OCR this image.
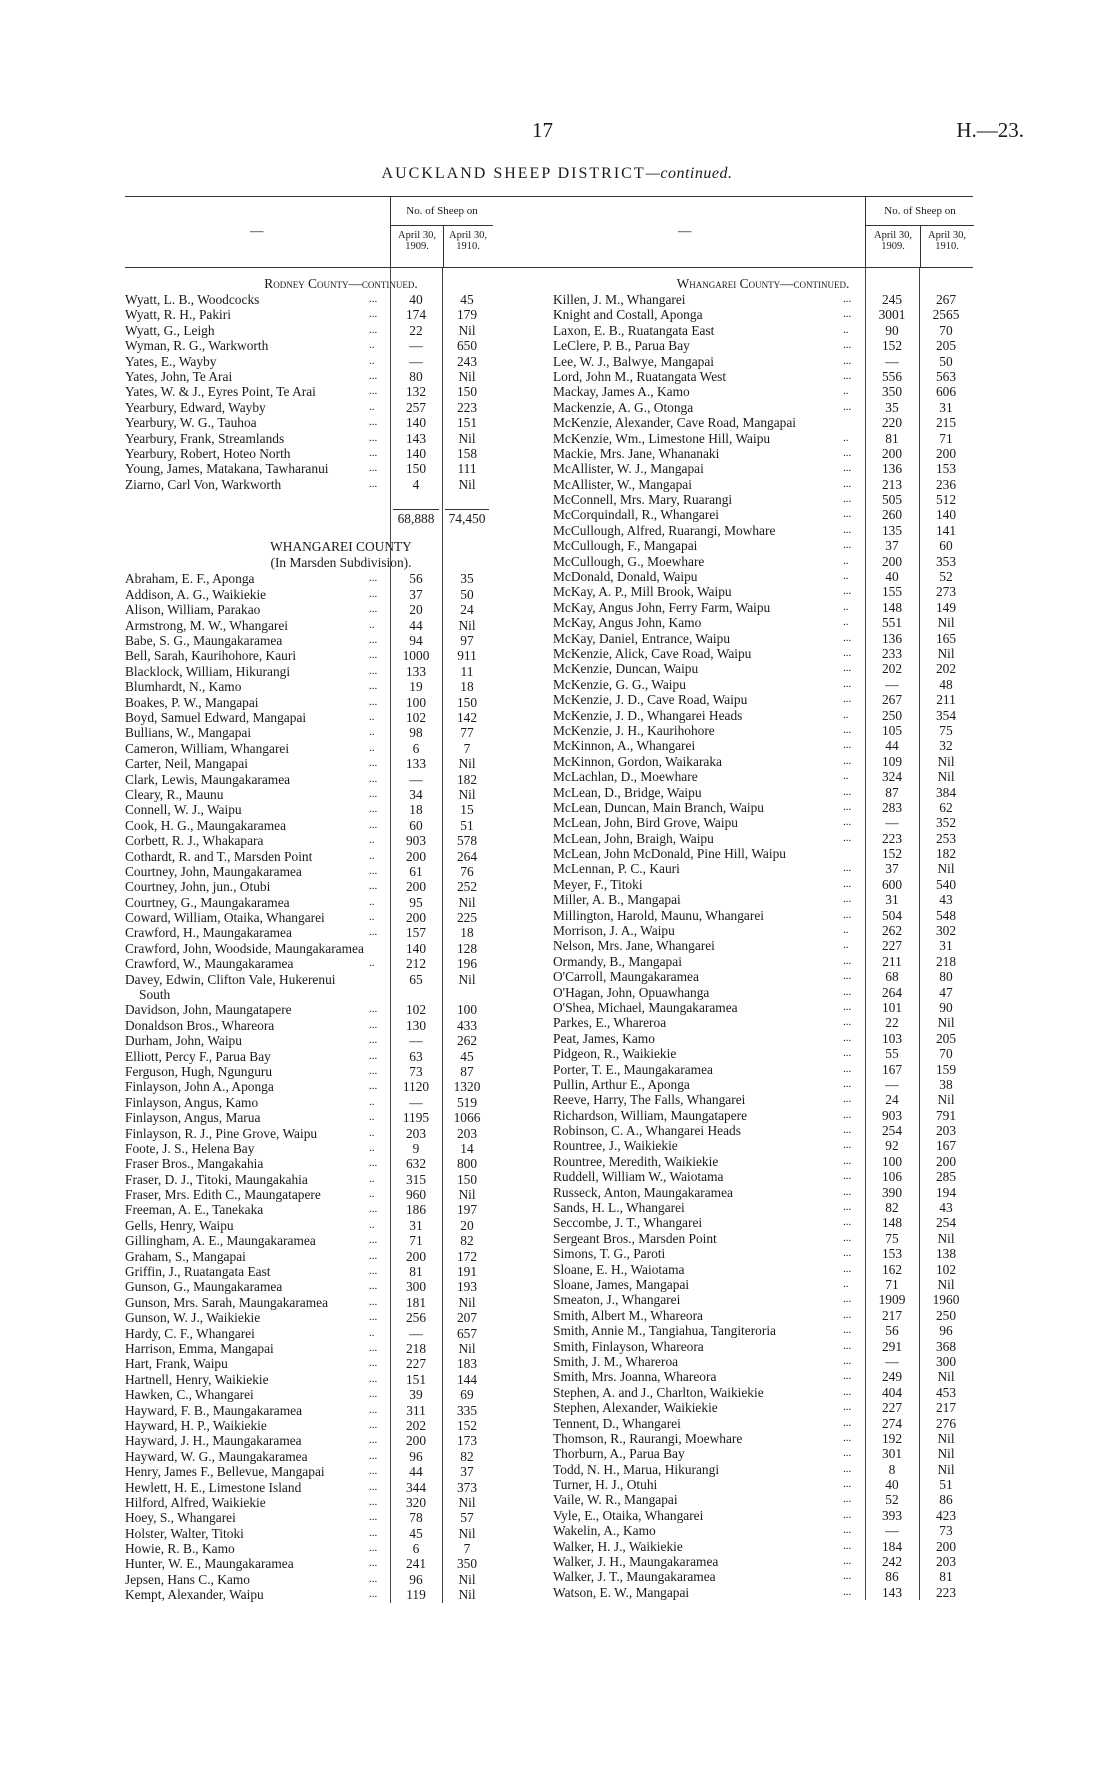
17	H.—23.
AUCKLAND SHEEP DISTRICT—continued.
—
No. of Sheep on
April 30,
1909.
April 30,
1910.
Rodney County—continued.
Wyatt, L. B., Woodcocks	...	40	45
Wyatt, R. H., Pakiri	...	174	179
Wyatt, G., Leigh	...	22	Nil
Wyman, R. G., Warkworth	..	—	650
Yates, E., Wayby	..	—	243
Yates, John, Te Arai	...	80	Nil
Yates, W. & J., Eyres Point, Te Arai	...	132	150
Yearbury, Edward, Wayby	..	257	223
Yearbury, W. G., Tauhoa	...	140	151
Yearbury, Frank, Streamlands	...	143	Nil
Yearbury, Robert, Hoteo North	...	140	158
Young, James, Matakana, Tawharanui	...	150	111
Ziarno, Carl Von, Warkworth	...	4	Nil
68,888	74,450
WHANGAREI COUNTY
(In Marsden Subdivision).
Abraham, E. F., Aponga	...	56	35
Addison, A. G., Waikiekie	...	37	50
Alison, William, Parakao	...	20	24
Armstrong, M. W., Whangarei	..	44	Nil
Babe, S. G., Maungakaramea	...	94	97
Bell, Sarah, Kaurihohore, Kauri	...	1000	911
Blacklock, William, Hikurangi	...	133	11
Blumhardt, N., Kamo	...	19	18
Boakes, P. W., Mangapai	...	100	150
Boyd, Samuel Edward, Mangapai	..	102	142
Bullians, W., Mangapai	..	98	77
Cameron, William, Whangarei	..	6	7
Carter, Neil, Mangapai	...	133	Nil
Clark, Lewis, Maungakaramea	...	—	182
Cleary, R., Maunu	...	34	Nil
Connell, W. J., Waipu	...	18	15
Cook, H. G., Maungakaramea	...	60	51
Corbett, R. J., Whakapara	..	903	578
Cothardt, R. and T., Marsden Point	..	200	264
Courtney, John, Maungakaramea	...	61	76
Courtney, John, jun., Otubi	...	200	252
Courtney, G., Maungakaramea	..	95	Nil
Coward, William, Otaika, Whangarei	..	200	225
Crawford, H., Maungakaramea	...	157	18
Crawford, John, Woodside, Maungakaramea	140	128
Crawford, W., Maungakaramea	..	212	196
Davey, Edwin, Clifton Vale, Hukerenui	65	Nil
South
Davidson, John, Maungatapere	...	102	100
Donaldson Bros., Whareora	...	130	433
Durham, John, Waipu	...	—	262
Elliott, Percy F., Parua Bay	...	63	45
Ferguson, Hugh, Ngunguru	...	73	87
Finlayson, John A., Aponga	...	1120	1320
Finlayson, Angus, Kamo	..	—	519
Finlayson, Angus, Marua	..	1195	1066
Finlayson, R. J., Pine Grove, Waipu	..	203	203
Foote, J. S., Helena Bay	..	9	14
Fraser Bros., Mangakahia	...	632	800
Fraser, D. J., Titoki, Maungakahia	..	315	150
Fraser, Mrs. Edith C., Maungatapere	..	960	Nil
Freeman, A. E., Tanekaka	...	186	197
Gells, Henry, Waipu	..	31	20
Gillingham, A. E., Maungakaramea	...	71	82
Graham, S., Mangapai	...	200	172
Griffin, J., Ruatangata East	...	81	191
Gunson, G., Maungakaramea	...	300	193
Gunson, Mrs. Sarah, Maungakaramea	...	181	Nil
Gunson, W. J., Waikiekie	...	256	207
Hardy, C. F., Whangarei	..	—	657
Harrison, Emma, Mangapai	...	218	Nil
Hart, Frank, Waipu	...	227	183
Hartnell, Henry, Waikiekie	...	151	144
Hawken, C., Whangarei	...	39	69
Hayward, F. B., Maungakaramea	...	311	335
Hayward, H. P., Waikiekie	...	202	152
Hayward, J. H., Maungakaramea	...	200	173
Hayward, W. G., Maungakaramea	...	96	82
Henry, James F., Bellevue, Mangapai	...	44	37
Hewlett, H. E., Limestone Island	...	344	373
Hilford, Alfred, Waikiekie	...	320	Nil
Hoey, S., Whangarei	...	78	57
Holster, Walter, Titoki	...	45	Nil
Howie, R. B., Kamo	...	6	7
Hunter, W. E., Maungakaramea	...	241	350
Jepsen, Hans C., Kamo	...	96	Nil
Kempt, Alexander, Waipu	...	119	Nil
—
No. of Sheep on
April 30,
1909.
April 30,
1910.
Whangarei County—continued.
Killen, J. M., Whangarei	...	245	267
Knight and Costall, Aponga	...	3001	2565
Laxon, E. B., Ruatangata East	..	90	70
LeClere, P. B., Parua Bay	...	152	205
Lee, W. J., Balwye, Mangapai	...	—	50
Lord, John M., Ruatangata West	...	556	563
Mackay, James A., Kamo	..	350	606
Mackenzie, A. G., Otonga	...	35	31
McKenzie, Alexander, Cave Road, Mangapai	220	215
McKenzie, Wm., Limestone Hill, Waipu	..	81	71
Mackie, Mrs. Jane, Whananaki	...	200	200
McAllister, W. J., Mangapai	...	136	153
McAllister, W., Mangapai	...	213	236
McConnell, Mrs. Mary, Ruarangi	...	505	512
McCorquindall, R., Whangarei	...	260	140
McCullough, Alfred, Ruarangi, Mowhare	...	135	141
McCullough, F., Mangapai	...	37	60
McCullough, G., Moewhare	..	200	353
McDonald, Donald, Waipu	..	40	52
McKay, A. P., Mill Brook, Waipu	...	155	273
McKay, Angus John, Ferry Farm, Waipu	..	148	149
McKay, Angus John, Kamo	..	551	Nil
McKay, Daniel, Entrance, Waipu	...	136	165
McKenzie, Alick, Cave Road, Waipu	...	233	Nil
McKenzie, Duncan, Waipu	...	202	202
McKenzie, G. G., Waipu	...	—	48
McKenzie, J. D., Cave Road, Waipu	...	267	211
McKenzie, J. D., Whangarei Heads	..	250	354
McKenzie, J. H., Kaurihohore	...	105	75
McKinnon, A., Whangarei	...	44	32
McKinnon, Gordon, Waikaraka	...	109	Nil
McLachlan, D., Moewhare	..	324	Nil
McLean, D., Bridge, Waipu	...	87	384
McLean, Duncan, Main Branch, Waipu	...	283	62
McLean, John, Bird Grove, Waipu	...	—	352
McLean, John, Braigh, Waipu	...	223	253
McLean, John McDonald, Pine Hill, Waipu	152	182
McLennan, P. C., Kauri	...	37	Nil
Meyer, F., Titoki	...	600	540
Miller, A. B., Mangapai	...	31	43
Millington, Harold, Maunu, Whangarei	...	504	548
Morrison, J. A., Waipu	..	262	302
Nelson, Mrs. Jane, Whangarei	..	227	31
Ormandy, B., Mangapai	...	211	218
O'Carroll, Maungakaramea	...	68	80
O'Hagan, John, Opuawhanga	...	264	47
O'Shea, Michael, Maungakaramea	...	101	90
Parkes, E., Whareroa	...	22	Nil
Peat, James, Kamo	...	103	205
Pidgeon, R., Waikiekie	...	55	70
Porter, T. E., Maungakaramea	...	167	159
Pullin, Arthur E., Aponga	...	—	38
Reeve, Harry, The Falls, Whangarei	...	24	Nil
Richardson, William, Maungatapere	...	903	791
Robinson, C. A., Whangarei Heads	...	254	203
Rountree, J., Waikiekie	...	92	167
Rountree, Meredith, Waikiekie	...	100	200
Ruddell, William W., Waiotama	...	106	285
Russeck, Anton, Maungakaramea	...	390	194
Sands, H. L., Whangarei	...	82	43
Seccombe, J. T., Whangarei	...	148	254
Sergeant Bros., Marsden Point	...	75	Nil
Simons, T. G., Paroti	...	153	138
Sloane, E. H., Waiotama	...	162	102
Sloane, James, Mangapai	..	71	Nil
Smeaton, J., Whangarei	...	1909	1960
Smith, Albert M., Whareora	...	217	250
Smith, Annie M., Tangiahua, Tangiteroria	...	56	96
Smith, Finlayson, Whareora	...	291	368
Smith, J. M., Whareroa	...	—	300
Smith, Mrs. Joanna, Whareora	...	249	Nil
Stephen, A. and J., Charlton, Waikiekie	...	404	453
Stephen, Alexander, Waikiekie	...	227	217
Tennent, D., Whangarei	...	274	276
Thomson, R., Raurangi, Moewhare	...	192	Nil
Thorburn, A., Parua Bay	...	301	Nil
Todd, N. H., Marua, Hikurangi	...	8	Nil
Turner, H. J., Otuhi	...	40	51
Vaile, W. R., Mangapai	...	52	86
Vyle, E., Otaika, Whangarei	...	393	423
Wakelin, A., Kamo	...	—	73
Walker, H. J., Waikiekie	...	184	200
Walker, J. H., Maungakaramea	...	242	203
Walker, J. T., Maungakaramea	...	86	81
Watson, E. W., Mangapai	...	143	223
